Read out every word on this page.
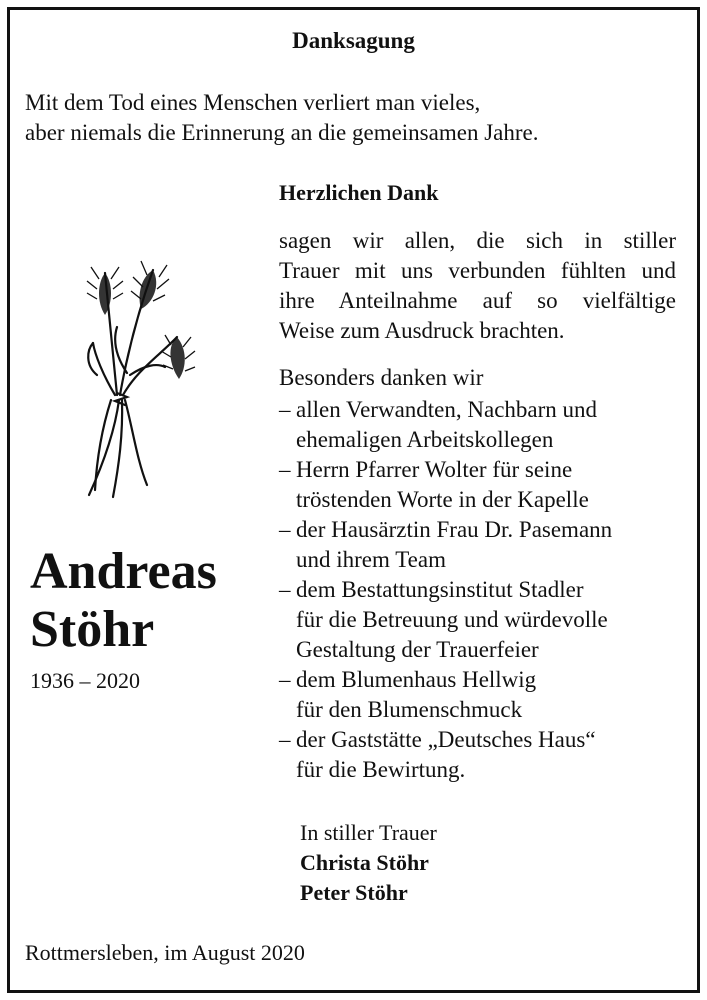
Danksagung
Mit dem Tod eines Menschen verliert man vieles,
aber niemals die Erinnerung an die gemeinsamen Jahre.
Herzlichen Dank
sagen wir allen, die sich in stiller
Trauer mit uns verbunden fühlten und
ihre Anteilnahme auf so vielfältige
Weise zum Ausdruck brachten.
Andreas
Stöhr
1936 – 2020
Besonders danken wir
– allen Verwandten, Nachbarn und
ehemaligen Arbeitskollegen
– Herrn Pfarrer Wolter für seine
tröstenden Worte in der Kapelle
– der Hausärztin Frau Dr. Pasemann
und ihrem Team
– dem Bestattungsinstitut Stadler
für die Betreuung und würdevolle
Gestaltung der Trauerfeier
– dem Blumenhaus Hellwig
für den Blumenschmuck
– der Gaststätte „Deutsches Haus“
für die Bewirtung.
In stiller Trauer
Christa Stöhr
Peter Stöhr
Rottmersleben, im August 2020
